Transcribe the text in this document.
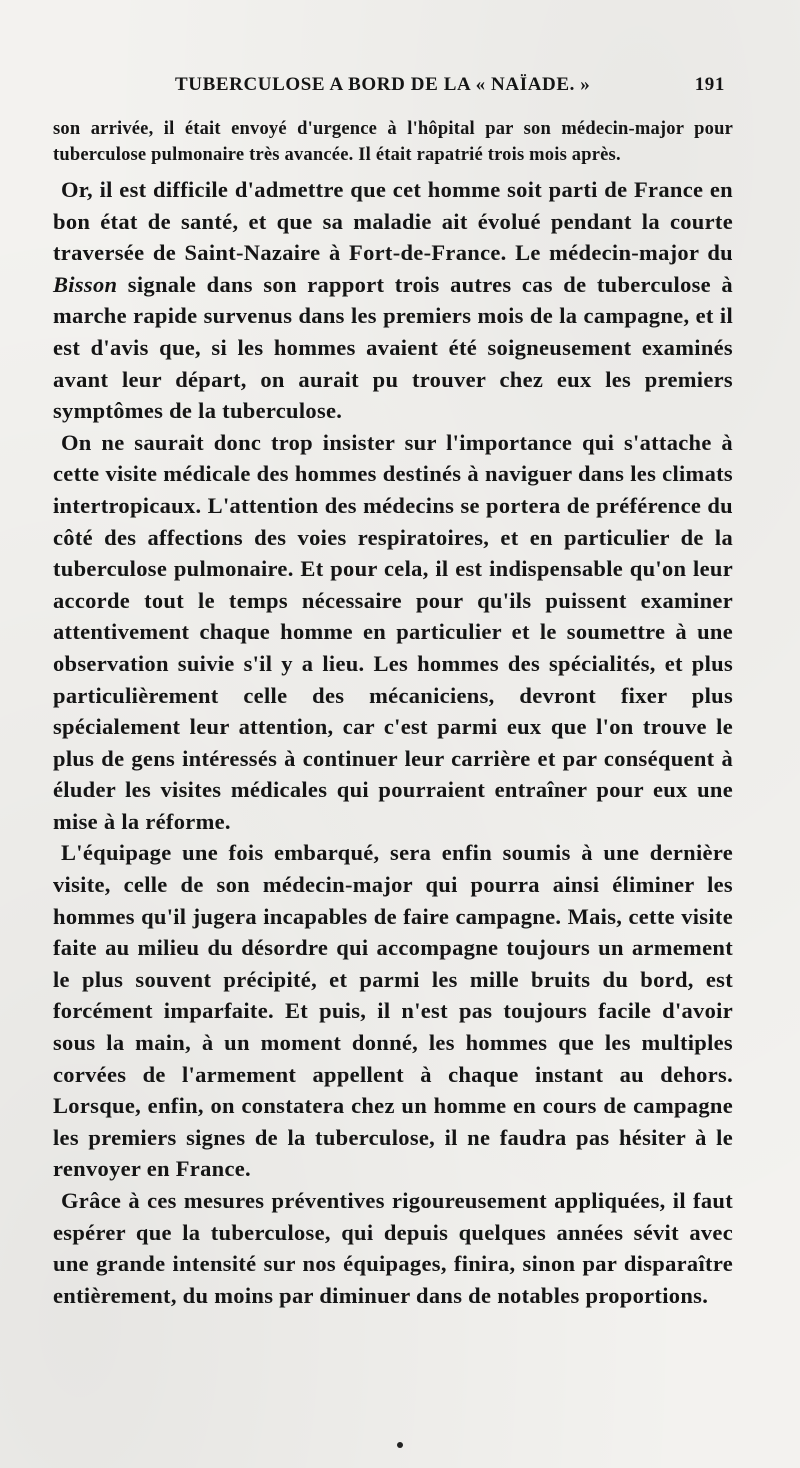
TUBERCULOSE A BORD DE LA « NAÏADE. »	191
son arrivée, il était envoyé d'urgence à l'hôpital par son médecin-major pour tuberculose pulmonaire très avancée. Il était rapatrié trois mois après.

Or, il est difficile d'admettre que cet homme soit parti de France en bon état de santé, et que sa maladie ait évolué pendant la courte traversée de Saint-Nazaire à Fort-de-France. Le médecin-major du Bisson signale dans son rapport trois autres cas de tuberculose à marche rapide survenus dans les premiers mois de la campagne, et il est d'avis que, si les hommes avaient été soigneusement examinés avant leur départ, on aurait pu trouver chez eux les premiers symptômes de la tuberculose.

On ne saurait donc trop insister sur l'importance qui s'attache à cette visite médicale des hommes destinés à naviguer dans les climats intertropicaux. L'attention des médecins se portera de préférence du côté des affections des voies respiratoires, et en particulier de la tuberculose pulmonaire. Et pour cela, il est indispensable qu'on leur accorde tout le temps nécessaire pour qu'ils puissent examiner attentivement chaque homme en particulier et le soumettre à une observation suivie s'il y a lieu. Les hommes des spécialités, et plus particulièrement celle des mécaniciens, devront fixer plus spécialement leur attention, car c'est parmi eux que l'on trouve le plus de gens intéressés à continuer leur carrière et par conséquent à éluder les visites médicales qui pourraient entraîner pour eux une mise à la réforme.

L'équipage une fois embarqué, sera enfin soumis à une dernière visite, celle de son médecin-major qui pourra ainsi éliminer les hommes qu'il jugera incapables de faire campagne. Mais, cette visite faite au milieu du désordre qui accompagne toujours un armement le plus souvent précipité, et parmi les mille bruits du bord, est forcément imparfaite. Et puis, il n'est pas toujours facile d'avoir sous la main, à un moment donné, les hommes que les multiples corvées de l'armement appellent à chaque instant au dehors. Lorsque, enfin, on constatera chez un homme en cours de campagne les premiers signes de la tuberculose, il ne faudra pas hésiter à le renvoyer en France.

Grâce à ces mesures préventives rigoureusement appliquées, il faut espérer que la tuberculose, qui depuis quelques années sévit avec une grande intensité sur nos équipages, finira, sinon par disparaître entièrement, du moins par diminuer dans de notables proportions.
